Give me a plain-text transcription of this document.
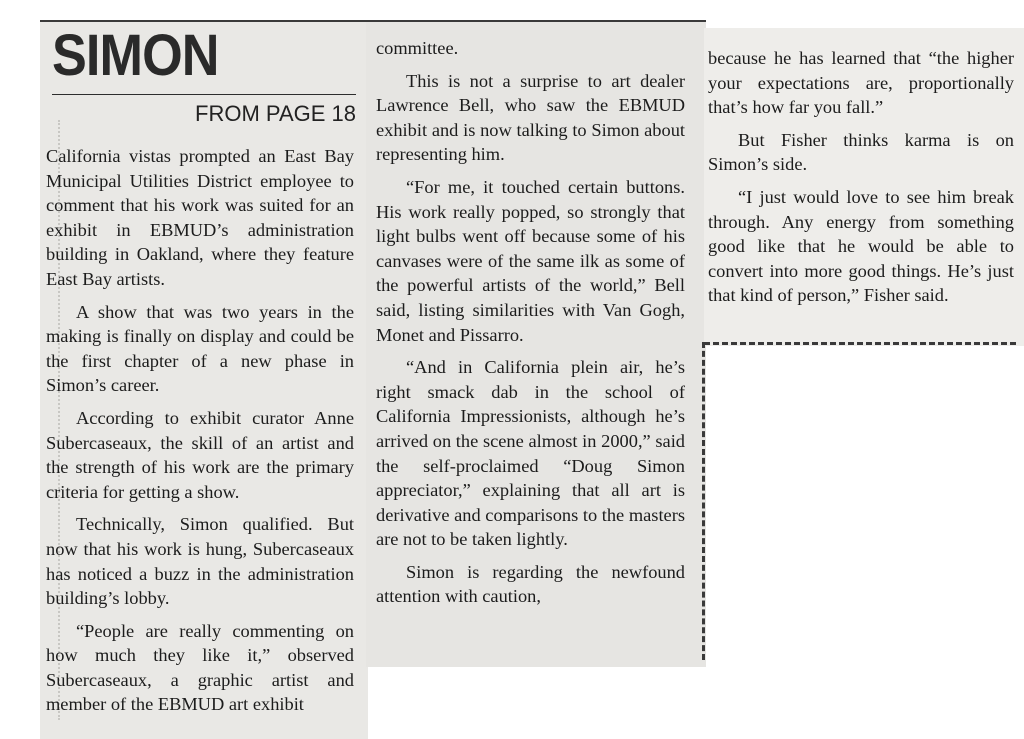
SIMON
FROM PAGE 18

California vistas prompted an East Bay Municipal Utilities District employee to comment that his work was suited for an exhibit in EBMUD’s administration building in Oakland, where they feature East Bay artists.

A show that was two years in the making is finally on display and could be the first chapter of a new phase in Simon’s career.

According to exhibit curator Anne Subercaseaux, the skill of an artist and the strength of his work are the primary criteria for getting a show.

Technically, Simon qualified. But now that his work is hung, Subercaseaux has noticed a buzz in the administration building’s lobby.

“People are really commenting on how much they like it,” observed Subercaseaux, a graphic artist and member of the EBMUD art exhibit

committee.

This is not a surprise to art dealer Lawrence Bell, who saw the EBMUD exhibit and is now talking to Simon about representing him.

“For me, it touched certain buttons. His work really popped, so strongly that light bulbs went off because some of his canvases were of the same ilk as some of the powerful artists of the world,” Bell said, listing similarities with Van Gogh, Monet and Pissarro.

“And in California plein air, he’s right smack dab in the school of California Impressionists, although he’s arrived on the scene almost in 2000,” said the self-proclaimed “Doug Simon appreciator,” explaining that all art is derivative and comparisons to the masters are not to be taken lightly.

Simon is regarding the newfound attention with caution,

because he has learned that “the higher your expectations are, proportionally that’s how far you fall.”

But Fisher thinks karma is on Simon’s side.

“I just would love to see him break through. Any energy from something good like that he would be able to convert into more good things. He’s just that kind of person,” Fisher said.
